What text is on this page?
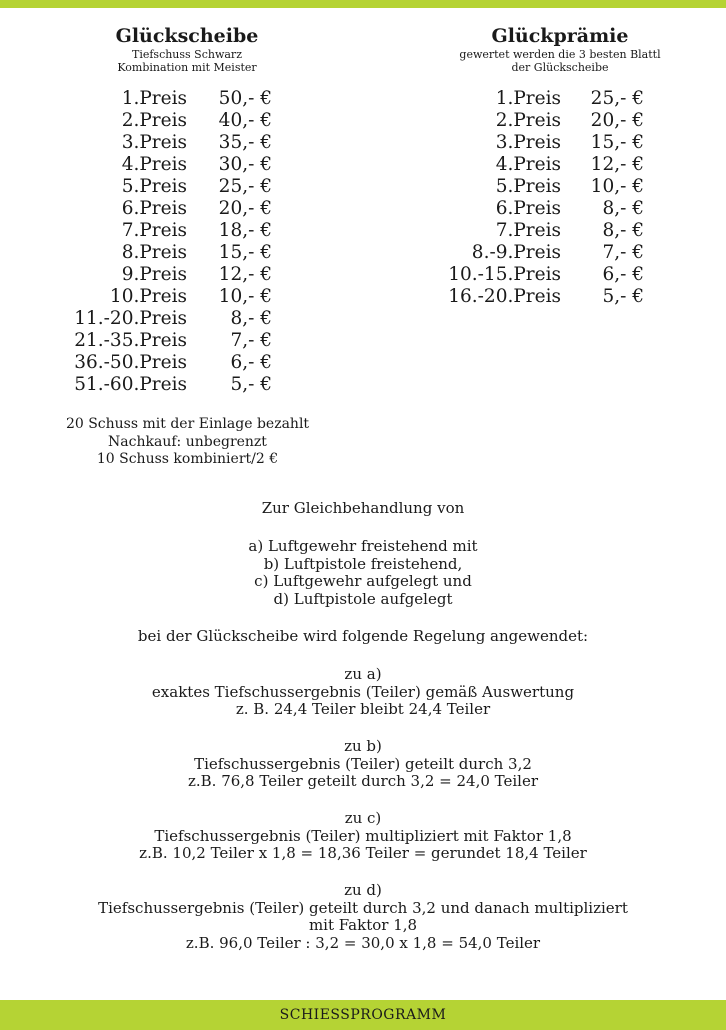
Glückscheibe
Tiefschuss Schwarz
Kombination mit Meister
Glückprämie
gewertet werden die 3 besten Blattl
der Glückscheibe
1.Preis 50,- €
2.Preis 40,- €
3.Preis 35,- €
4.Preis 30,- €
5.Preis 25,- €
6.Preis 20,- €
7.Preis 18,- €
8.Preis 15,- €
9.Preis 12,- €
10.Preis 10,- €
11.-20.Preis 8,- €
21.-35.Preis 7,- €
36.-50.Preis 6,- €
51.-60.Preis 5,- €
1.Preis 25,- €
2.Preis 20,- €
3.Preis 15,- €
4.Preis 12,- €
5.Preis 10,- €
6.Preis 8,- €
7.Preis 8,- €
8.-9.Preis 7,- €
10.-15.Preis 6,- €
16.-20.Preis 5,- €
20 Schuss mit der Einlage bezahlt
Nachkauf: unbegrenzt
10 Schuss kombiniert/2 €
Zur Gleichbehandlung von
a) Luftgewehr freistehend mit
b) Luftpistole freistehend,
c) Luftgewehr aufgelegt und
d) Luftpistole aufgelegt
bei der Glückscheibe wird folgende Regelung angewendet:
zu a)
exaktes Tiefschussergebnis (Teiler) gemäß Auswertung
z. B. 24,4 Teiler bleibt 24,4 Teiler
zu b)
Tiefschussergebnis (Teiler) geteilt durch 3,2
z.B. 76,8 Teiler geteilt durch 3,2 = 24,0 Teiler
zu c)
Tiefschussergebnis (Teiler) multipliziert mit Faktor 1,8
z.B. 10,2 Teiler x 1,8 = 18,36 Teiler = gerundet 18,4 Teiler
zu d)
Tiefschussergebnis (Teiler) geteilt durch 3,2 und danach multipliziert
mit Faktor 1,8
z.B. 96,0 Teiler : 3,2 = 30,0 x 1,8 = 54,0 Teiler
SCHIESSPROGRAMM
